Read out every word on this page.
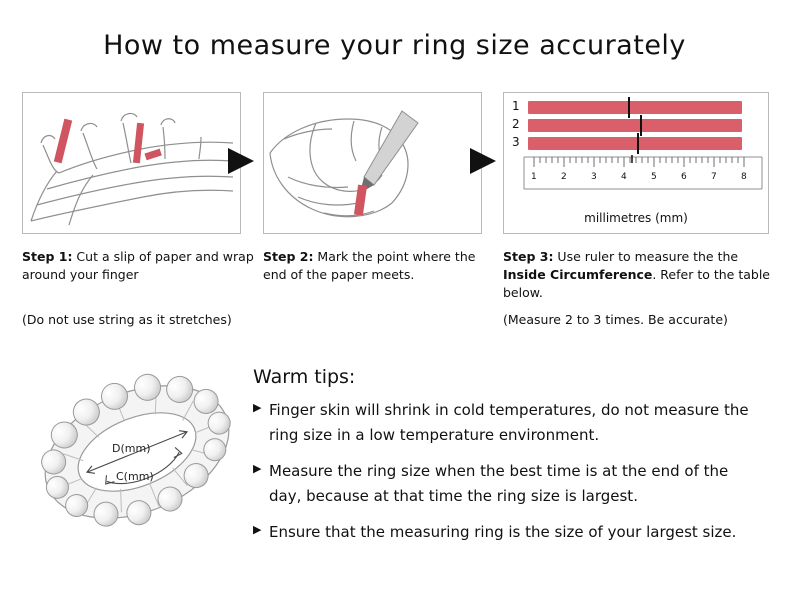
How to measure your ring size accurately
1
2
3
1	2	3	4	5	6	7	8
millimetres (mm)
Step 1: Cut a slip of paper and wrap around your finger
(Do not use string as it stretches)
Step 2: Mark the point where the end of the paper meets.
Step 3: Use ruler to measure the the Inside Circumference. Refer to the table below.
(Measure 2 to 3 times. Be accurate)
D(mm)
C(mm)
Warm tips:
▶ Finger skin will shrink in cold temperatures, do not measure the ring size in a low temperature environment.
▶ Measure the ring size when the best time is at the end of the day, because at that time the ring size is largest.
▶ Ensure that the measuring ring is the size of your largest size.
